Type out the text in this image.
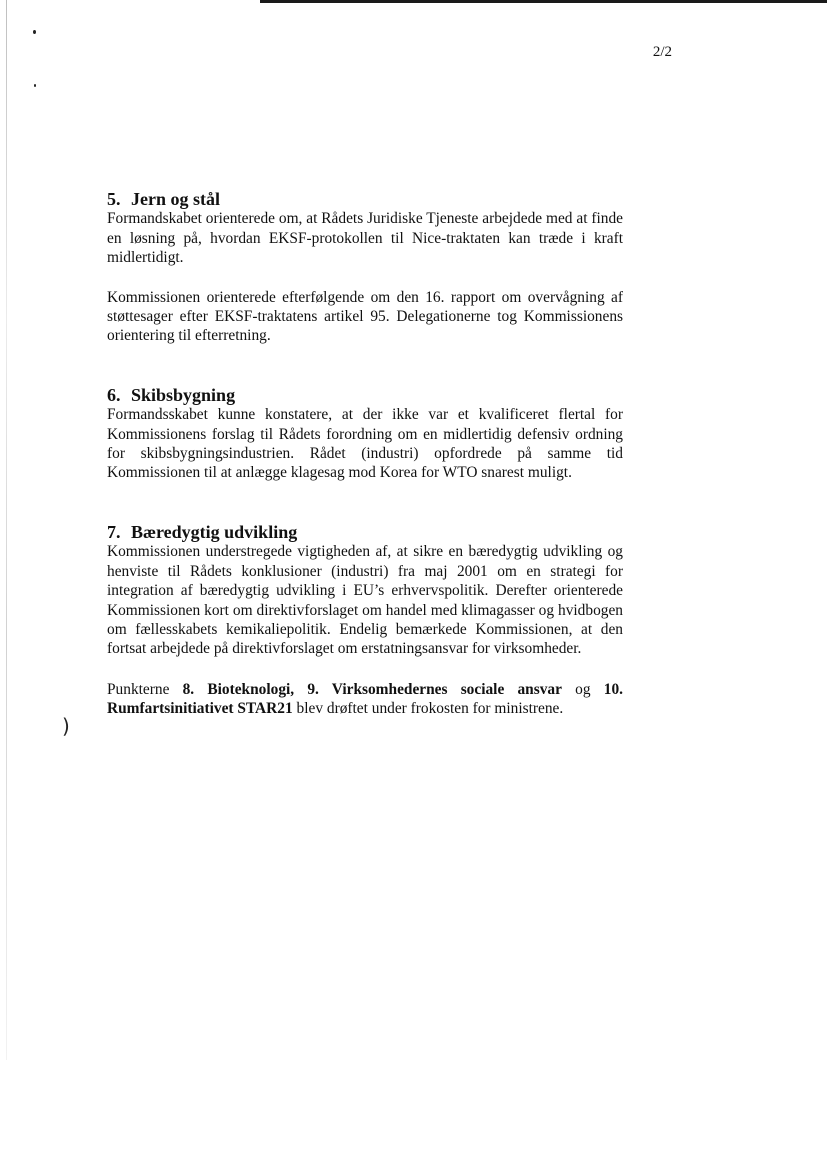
2/2
)
5. Jern og stål

Formandskabet orienterede om, at Rådets Juridiske Tjeneste arbejdede med at finde en løsning på, hvordan EKSF-protokollen til Nice-traktaten kan træde i kraft midlertidigt.

Kommissionen orienterede efterfølgende om den 16. rapport om overvågning af støttesager efter EKSF-traktatens artikel 95. Delegationerne tog Kommissionens orientering til efterretning.

6. Skibsbygning

Formandsskabet kunne konstatere, at der ikke var et kvalificeret flertal for Kommissionens forslag til Rådets forordning om en midlertidig defensiv ordning for skibsbygningsindustrien. Rådet (industri) opfordrede på samme tid Kommissionen til at anlægge klagesag mod Korea for WTO snarest muligt.

7. Bæredygtig udvikling

Kommissionen understregede vigtigheden af, at sikre en bæredygtig udvikling og henviste til Rådets konklusioner (industri) fra maj 2001 om en strategi for integration af bæredygtig udvikling i EU’s erhvervspolitik. Derefter orienterede Kommissionen kort om direktivforslaget om handel med klimagasser og hvidbogen om fællesskabets kemikaliepolitik. Endelig bemærkede Kommissionen, at den fortsat arbejdede på direktivforslaget om erstatningsansvar for virksomheder.

Punkterne 8. Bioteknologi, 9. Virksomhedernes sociale ansvar og 10. Rumfartsinitiativet STAR21 blev drøftet under frokosten for ministrene.
